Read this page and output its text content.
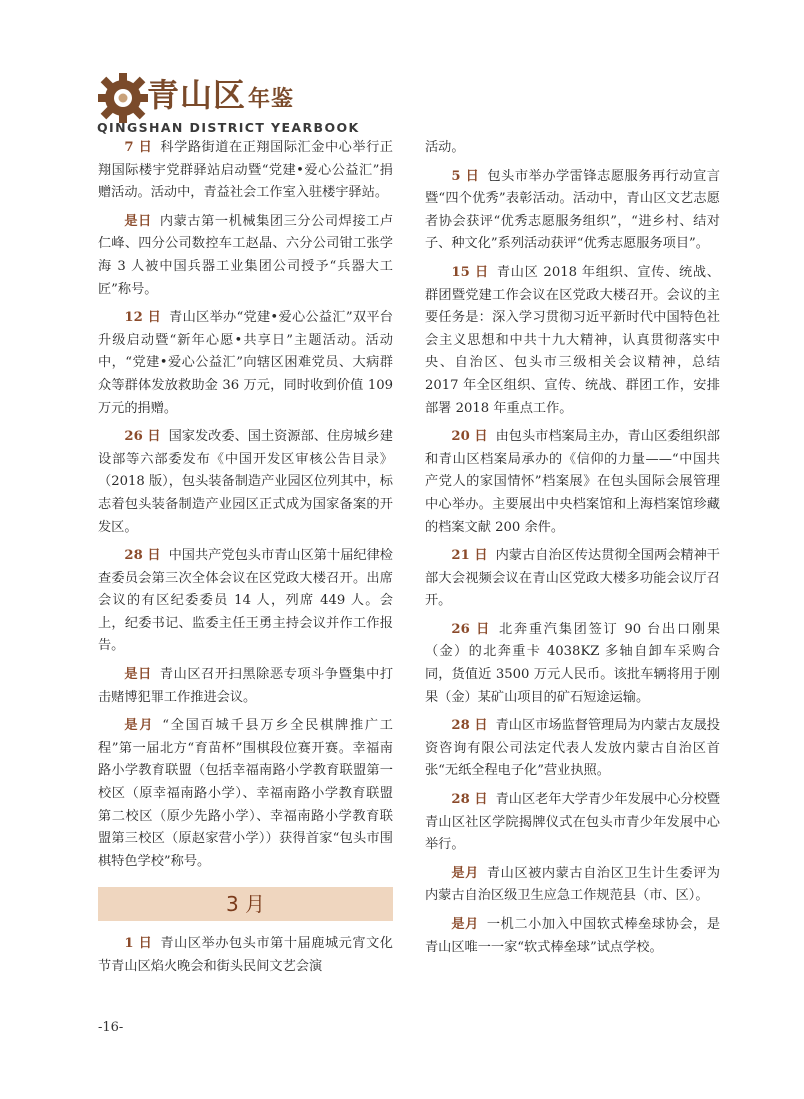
青山区年鉴
QINGSHAN DISTRICT YEARBOOK

7 日 科学路街道在正翔国际汇金中心举行正翔国际楼宇党群驿站启动暨“党建•爱心公益汇”捐赠活动。活动中，青益社会工作室入驻楼宇驿站。

是日 内蒙古第一机械集团三分公司焊接工卢仁峰、四分公司数控车工赵晶、六分公司钳工张学海 3 人被中国兵器工业集团公司授予“兵器大工匠”称号。

12 日 青山区举办“党建•爱心公益汇”双平台升级启动暨“新年心愿•共享日”主题活动。活动中，“党建•爱心公益汇”向辖区困难党员、大病群众等群体发放救助金 36 万元，同时收到价值 109 万元的捐赠。

26 日 国家发改委、国土资源部、住房城乡建设部等六部委发布《中国开发区审核公告目录》（2018 版），包头装备制造产业园区位列其中，标志着包头装备制造产业园区正式成为国家备案的开发区。

28 日 中国共产党包头市青山区第十届纪律检查委员会第三次全体会议在区党政大楼召开。出席会议的有区纪委委员 14 人，列席 449 人。会上，纪委书记、监委主任王勇主持会议并作工作报告。

是日 青山区召开扫黑除恶专项斗争暨集中打击赌博犯罪工作推进会议。

是月 “全国百城千县万乡全民棋牌推广工程”第一届北方“育苗杯”围棋段位赛开赛。幸福南路小学教育联盟（包括幸福南路小学教育联盟第一校区（原幸福南路小学）、幸福南路小学教育联盟第二校区（原少先路小学）、幸福南路小学教育联盟第三校区（原赵家营小学））获得首家“包头市围棋特色学校”称号。

3 月

1 日 青山区举办包头市第十届鹿城元宵文化节青山区焰火晚会和街头民间文艺会演

活动。

5 日 包头市举办学雷锋志愿服务再行动宣言暨“四个优秀”表彰活动。活动中，青山区文艺志愿者协会获评“优秀志愿服务组织”，“进乡村、结对子、种文化”系列活动获评“优秀志愿服务项目”。

15 日 青山区 2018 年组织、宣传、统战、群团暨党建工作会议在区党政大楼召开。会议的主要任务是：深入学习贯彻习近平新时代中国特色社会主义思想和中共十九大精神，认真贯彻落实中央、自治区、包头市三级相关会议精神，总结 2017 年全区组织、宣传、统战、群团工作，安排部署 2018 年重点工作。

20 日 由包头市档案局主办，青山区委组织部和青山区档案局承办的《信仰的力量——“中国共产党人的家国情怀”档案展》在包头国际会展管理中心举办。主要展出中央档案馆和上海档案馆珍藏的档案文献 200 余件。

21 日 内蒙古自治区传达贯彻全国两会精神干部大会视频会议在青山区党政大楼多功能会议厅召开。

26 日 北奔重汽集团签订 90 台出口刚果（金）的北奔重卡 4038KZ 多轴自卸车采购合同，货值近 3500 万元人民币。该批车辆将用于刚果（金）某矿山项目的矿石短途运输。

28 日 青山区市场监督管理局为内蒙古友晟投资咨询有限公司法定代表人发放内蒙古自治区首张“无纸全程电子化”营业执照。

28 日 青山区老年大学青少年发展中心分校暨青山区社区学院揭牌仪式在包头市青少年发展中心举行。

是月 青山区被内蒙古自治区卫生计生委评为内蒙古自治区级卫生应急工作规范县（市、区）。

是月 一机二小加入中国软式棒垒球协会，是青山区唯一一家“软式棒垒球”试点学校。

-16-
